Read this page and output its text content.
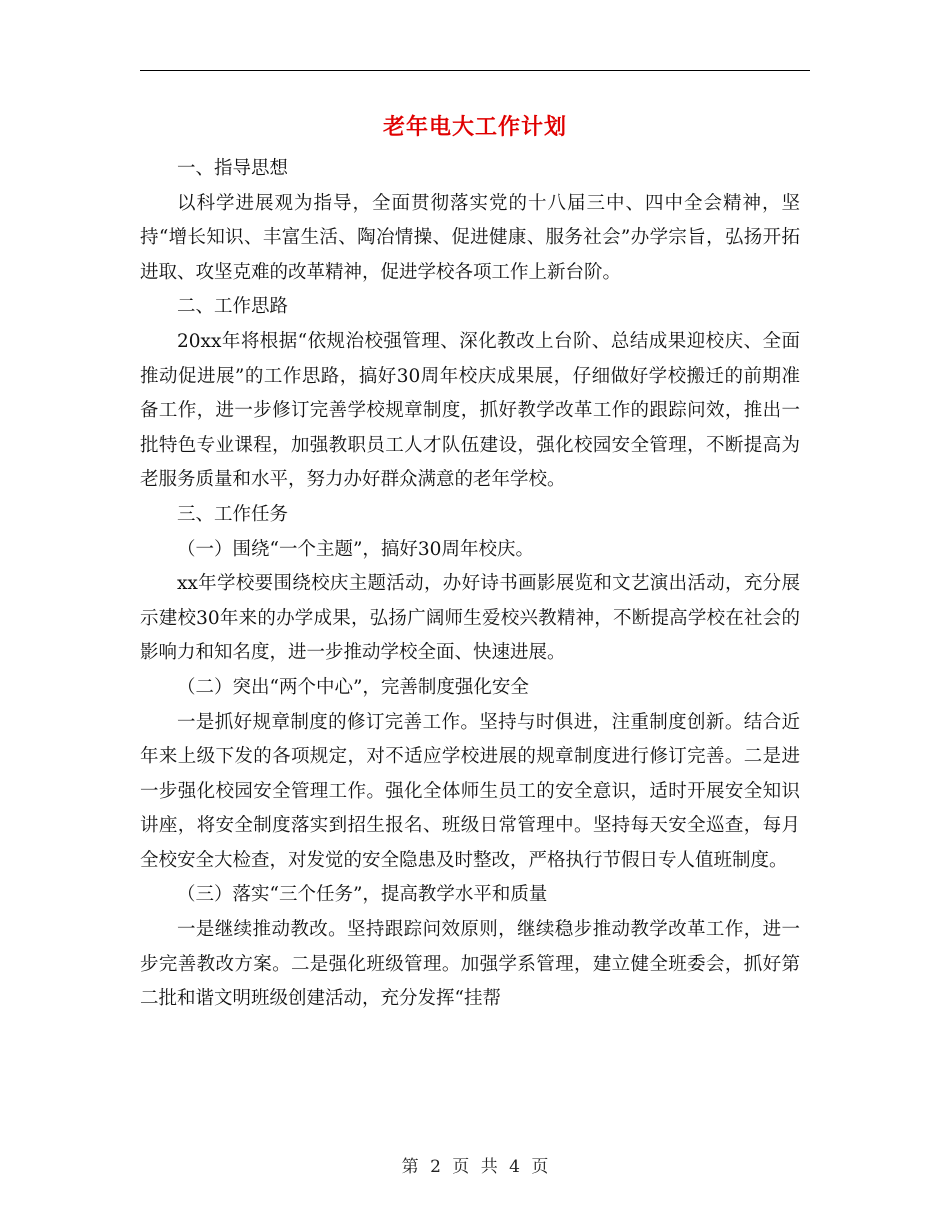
老年电大工作计划

一、指导思想

以科学进展观为指导，全面贯彻落实党的十八届三中、四中全会精神，坚持“增长知识、丰富生活、陶冶情操、促进健康、服务社会”办学宗旨，弘扬开拓进取、攻坚克难的改革精神，促进学校各项工作上新台阶。

二、工作思路

20xx年将根据“依规治校强管理、深化教改上台阶、总结成果迎校庆、全面推动促进展”的工作思路，搞好30周年校庆成果展，仔细做好学校搬迁的前期准备工作，进一步修订完善学校规章制度，抓好教学改革工作的跟踪问效，推出一批特色专业课程，加强教职员工人才队伍建设，强化校园安全管理，不断提高为老服务质量和水平，努力办好群众满意的老年学校。

三、工作任务

（一）围绕“一个主题”，搞好30周年校庆。

xx年学校要围绕校庆主题活动，办好诗书画影展览和文艺演出活动，充分展示建校30年来的办学成果，弘扬广阔师生爱校兴教精神，不断提高学校在社会的影响力和知名度，进一步推动学校全面、快速进展。

（二）突出“两个中心”，完善制度强化安全

一是抓好规章制度的修订完善工作。坚持与时俱进，注重制度创新。结合近年来上级下发的各项规定，对不适应学校进展的规章制度进行修订完善。二是进一步强化校园安全管理工作。强化全体师生员工的安全意识，适时开展安全知识讲座，将安全制度落实到招生报名、班级日常管理中。坚持每天安全巡查，每月全校安全大检查，对发觉的安全隐患及时整改，严格执行节假日专人值班制度。

（三）落实“三个任务”，提高教学水平和质量

一是继续推动教改。坚持跟踪问效原则，继续稳步推动教学改革工作，进一步完善教改方案。二是强化班级管理。加强学系管理，建立健全班委会，抓好第二批和谐文明班级创建活动，充分发挥“挂帮

第 2 页 共 4 页
